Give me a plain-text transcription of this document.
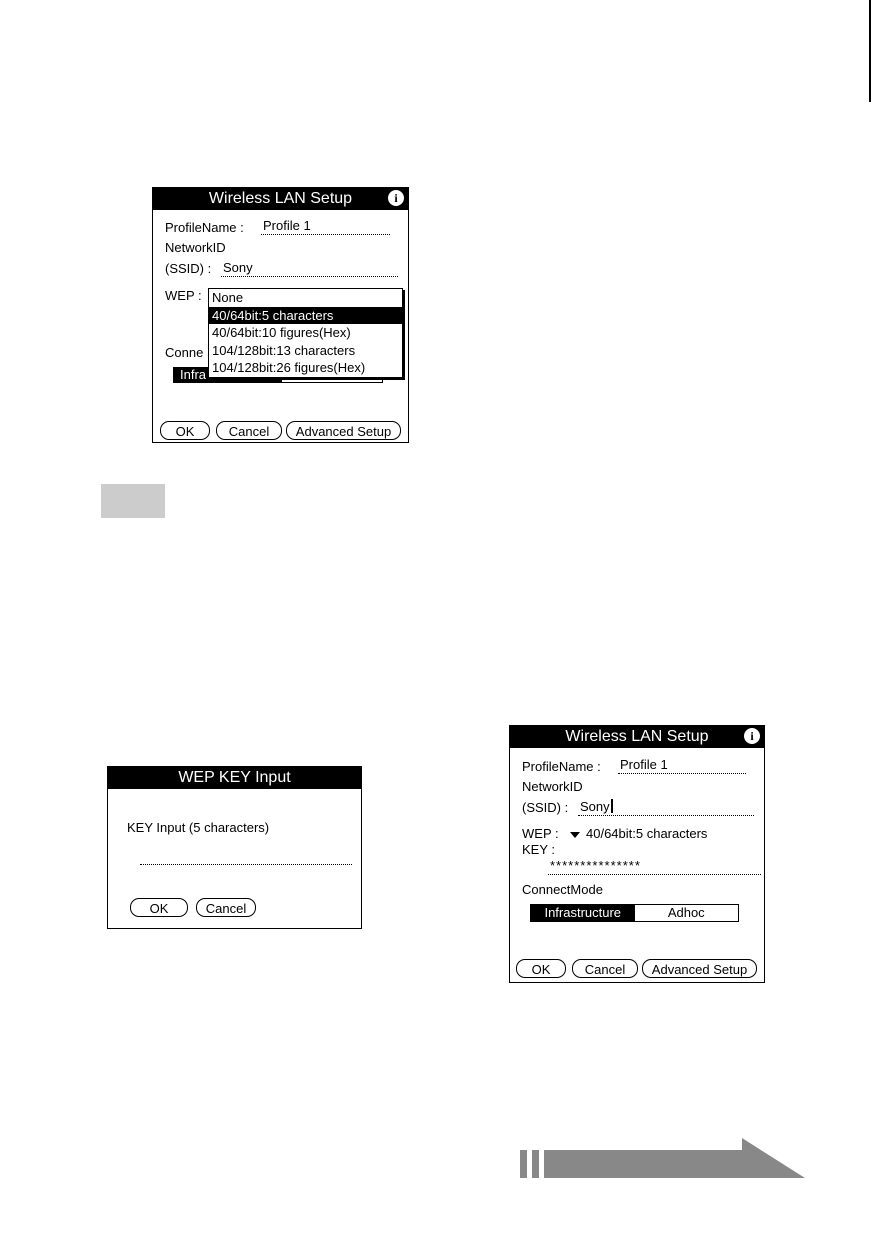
Wireless LAN Setup	i
ProfileName : Profile 1
NetworkID
(SSID) : Sony
WEP :
Conne
Infra
None
40/64bit:5 characters
40/64bit:10 figures(Hex)
104/128bit:13 characters
104/128bit:26 figures(Hex)
OK	Cancel	Advanced Setup
WEP KEY Input
KEY Input (5 characters)
OK	Cancel
Wireless LAN Setup	i
ProfileName : Profile 1
NetworkID
(SSID) : Sony
WEP :	40/64bit:5 characters
KEY :
***************
ConnectMode
Infrastructure	Adhoc
OK	Cancel	Advanced Setup
